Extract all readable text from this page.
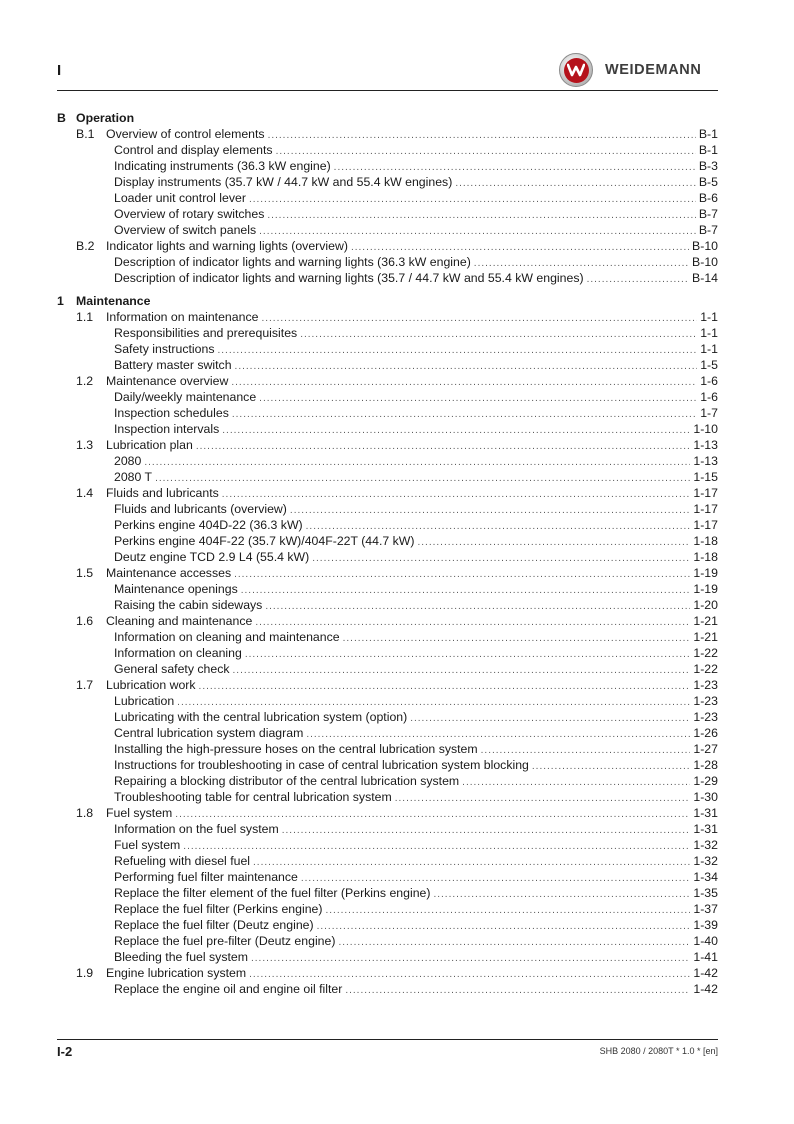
I	WEIDEMANN
B Operation
B.1 Overview of control elements .....	B-1
Control and display elements .....	B-1
Indicating instruments (36.3 kW engine) .....	B-3
Display instruments (35.7 kW / 44.7 kW and 55.4 kW engines) .....	B-5
Loader unit control lever .....	B-6
Overview of rotary switches .....	B-7
Overview of switch panels .....	B-7
B.2 Indicator lights and warning lights (overview) .....	B-10
Description of indicator lights and warning lights (36.3 kW engine) .....	B-10
Description of indicator lights and warning lights (35.7 / 44.7 kW and 55.4 kW engines) .....	B-14
1 Maintenance
1.1	Information on maintenance .....	1-1
Responsibilities and prerequisites .....	1-1
Safety instructions .....	1-1
Battery master switch .....	1-5
1.2	Maintenance overview .....	1-6
Daily/weekly maintenance .....	1-6
Inspection schedules .....	1-7
Inspection intervals .....	1-10
1.3	Lubrication plan .....	1-13
2080 .....	1-13
2080 T .....	1-15
1.4	Fluids and lubricants .....	1-17
Fluids and lubricants (overview) .....	1-17
Perkins engine 404D-22 (36.3 kW) .....	1-17
Perkins engine 404F-22 (35.7 kW)/404F-22T (44.7 kW) .....	1-18
Deutz engine TCD 2.9 L4 (55.4 kW) .....	1-18
1.5	Maintenance accesses .....	1-19
Maintenance openings .....	1-19
Raising the cabin sideways .....	1-20
1.6	Cleaning and maintenance .....	1-21
Information on cleaning and maintenance .....	1-21
Information on cleaning .....	1-22
General safety check .....	1-22
1.7	Lubrication work .....	1-23
Lubrication .....	1-23
Lubricating with the central lubrication system (option) .....	1-23
Central lubrication system diagram .....	1-26
Installing the high-pressure hoses on the central lubrication system .....	1-27
Instructions for troubleshooting in case of central lubrication system blocking .....	1-28
Repairing a blocking distributor of the central lubrication system .....	1-29
Troubleshooting table for central lubrication system .....	1-30
1.8	Fuel system .....	1-31
Information on the fuel system .....	1-31
Fuel system .....	1-32
Refueling with diesel fuel .....	1-32
Performing fuel filter maintenance .....	1-34
Replace the filter element of the fuel filter (Perkins engine) .....	1-35
Replace the fuel filter (Perkins engine) .....	1-37
Replace the fuel filter (Deutz engine) .....	1-39
Replace the fuel pre-filter (Deutz engine) .....	1-40
Bleeding the fuel system .....	1-41
1.9	Engine lubrication system .....	1-42
Replace the engine oil and engine oil filter .....	1-42
I-2	SHB 2080 / 2080T * 1.0 * [en]
